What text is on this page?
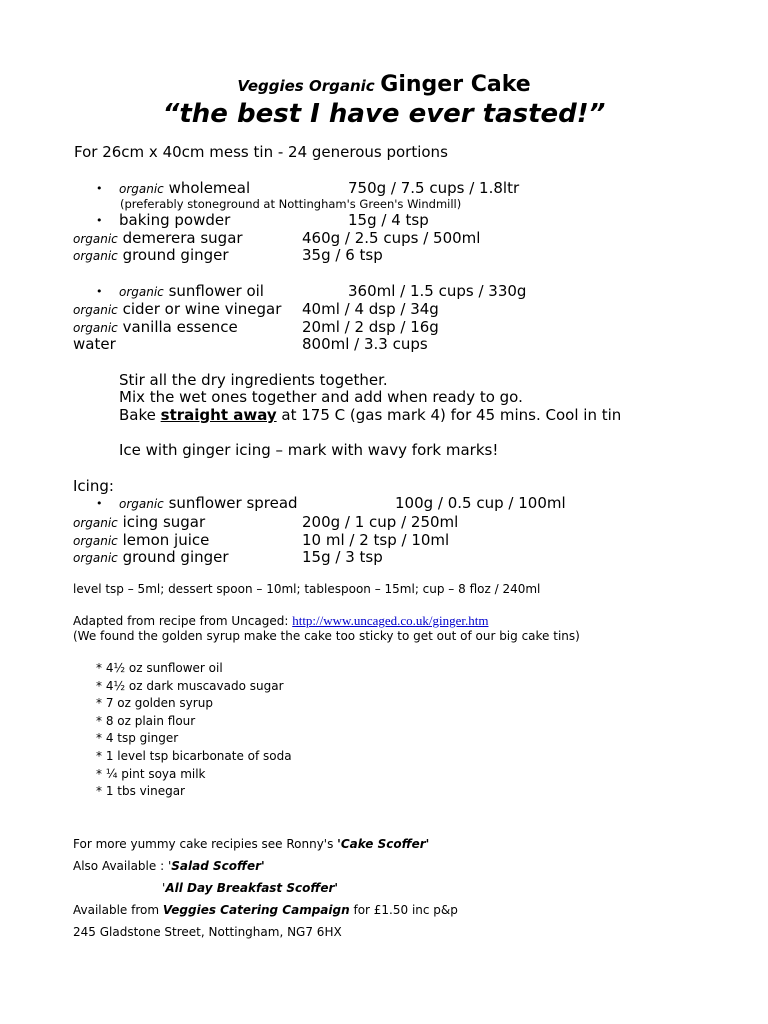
Veggies Organic Ginger Cake
“the best I have ever tasted!”
For 26cm x 40cm mess tin - 24 generous portions
• organic wholemeal	750g / 7.5 cups / 1.8ltr
(preferably stoneground at Nottingham's Green's Windmill)
• baking powder	15g / 4 tsp
organic demerera sugar	460g / 2.5 cups / 500ml
organic ground ginger	35g / 6 tsp
• organic sunflower oil	360ml / 1.5 cups / 330g
organic cider or wine vinegar 40ml / 4 dsp / 34g
organic vanilla essence	20ml / 2 dsp / 16g
water	800ml / 3.3 cups
Stir all the dry ingredients together.
Mix the wet ones together and add when ready to go.
Bake straight away at 175 C (gas mark 4) for 45 mins. Cool in tin
Ice with ginger icing – mark with wavy fork marks!
Icing:
• organic sunflower spread	100g / 0.5 cup / 100ml
organic icing sugar	200g / 1 cup / 250ml
organic lemon juice	10 ml / 2 tsp / 10ml
organic ground ginger	15g / 3 tsp
level tsp – 5ml; dessert spoon – 10ml; tablespoon – 15ml; cup – 8 floz / 240ml
Adapted from recipe from Uncaged: http://www.uncaged.co.uk/ginger.htm
(We found the golden syrup make the cake too sticky to get out of our big cake tins)
* 4½ oz sunflower oil
* 4½ oz dark muscavado sugar
* 7 oz golden syrup
* 8 oz plain flour
* 4 tsp ginger
* 1 level tsp bicarbonate of soda
* ¼ pint soya milk
* 1 tbs vinegar
For more yummy cake recipies see Ronny's 'Cake Scoffer'
Also Available : 'Salad Scoffer'
'All Day Breakfast Scoffer'
Available from Veggies Catering Campaign for £1.50 inc p&p
245 Gladstone Street, Nottingham, NG7 6HX
